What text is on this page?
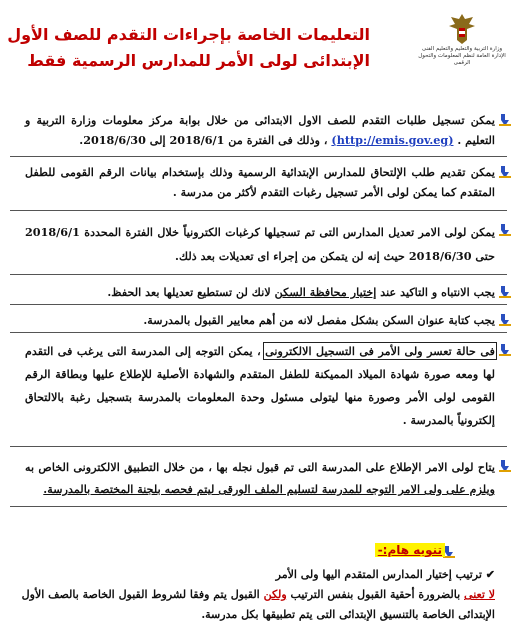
التعليمات الخاصة بإجراءات التقدم للصف الأول
الإبتدائى لولى الأمر للمدارس الرسمية فقط
وزارة التربية والتعليم والتعليم الفنى الإدارة العامة لنظم المعلومات والتحول الرقمى

يمكن تسجيل طلبات التقدم للصف الاول الابتدائى من خلال بوابة مركز معلومات وزارة التربية و التعليم . (http://emis.gov.eg) ، وذلك فى الفترة من 2018/6/1 إلى 2018/6/30.

يمكن تقديم طلب الإلتحاق للمدارس الإبتدائية الرسمية وذلك بإستخدام بيانات الرقم القومى للطفل المتقدم كما يمكن لولى الأمر تسجيل رغبات التقدم لأكثر من مدرسة .

يمكن لولى الامر تعديل المدارس التى تم تسجيلها كرغبات الكترونياً خلال الفترة المحددة 2018/6/1 حتى 2018/6/30 حيث إنه لن يتمكن من إجراء اى تعديلات بعد ذلك.

يجب الانتباه و التاكيد عند إختيار محافظة السكن لانك لن تستطيع تعديلها بعد الحفظ.

يجب كتابة عنوان السكن بشكل مفصل لانه من أهم معايير القبول بالمدرسة.

فى حالة تعسر ولى الأمر فى التسجيل الالكترونى ، يمكن التوجه إلى المدرسة التى يرغب فى التقدم لها ومعه صورة شهادة الميلاد المميكنة للطفل المتقدم والشهادة الأصلية للإطلاع عليها وبطاقة الرقم القومى لولى الأمر وصورة منها ليتولى مسئول وحدة المعلومات بالمدرسة بتسجيل رغبة بالالتحاق إلكترونياً بالمدرسة .

يتاح لولى الامر الإطلاع على المدرسة التى تم قبول نجله بها ، من خلال التطبيق الالكترونى الخاص به ويلزم على ولى الامر التوجه للمدرسة لتسليم الملف الورقى ليتم فحصه بلجنة المختصة بالمدرسة.

تنويه هام:-
✔ ترتيب إختيار المدارس المتقدم اليها ولى الأمر
لا تعنى بالضرورة أحقية القبول بنفس الترتيب ولكن القبول يتم وفقا لشروط القبول الخاصة بالصف الأول
الإبتدائى الخاصة بالتنسيق الإبتدائى التى يتم تطبيقها بكل مدرسة.
